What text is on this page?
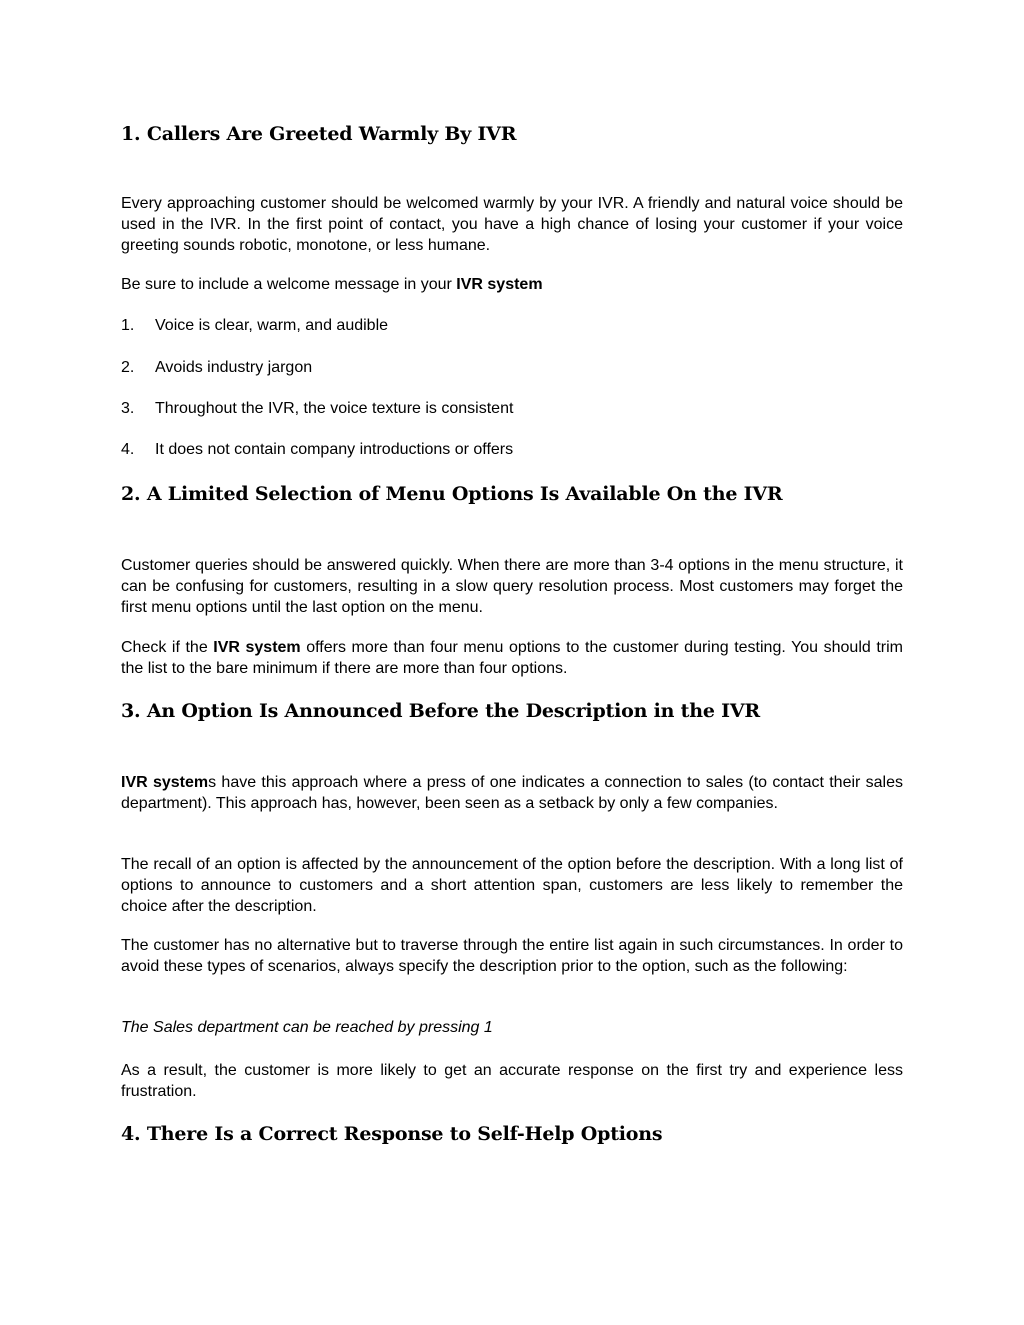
1. Callers Are Greeted Warmly By IVR

Every approaching customer should be welcomed warmly by your IVR. A friendly and natural voice should be used in the IVR. In the first point of contact, you have a high chance of losing your customer if your voice greeting sounds robotic, monotone, or less humane.

Be sure to include a welcome message in your IVR system

1. Voice is clear, warm, and audible
2. Avoids industry jargon
3. Throughout the IVR, the voice texture is consistent
4. It does not contain company introductions or offers
2. A Limited Selection of Menu Options Is Available On the IVR

Customer queries should be answered quickly. When there are more than 3-4 options in the menu structure, it can be confusing for customers, resulting in a slow query resolution process. Most customers may forget the first menu options until the last option on the menu.

Check if the IVR system offers more than four menu options to the customer during testing. You should trim the list to the bare minimum if there are more than four options.

3. An Option Is Announced Before the Description in the IVR

IVR systems have this approach where a press of one indicates a connection to sales (to contact their sales department). This approach has, however, been seen as a setback by only a few companies.

The recall of an option is affected by the announcement of the option before the description. With a long list of options to announce to customers and a short attention span, customers are less likely to remember the choice after the description.

The customer has no alternative but to traverse through the entire list again in such circumstances. In order to avoid these types of scenarios, always specify the description prior to the option, such as the following:

The Sales department can be reached by pressing 1

As a result, the customer is more likely to get an accurate response on the first try and experience less frustration.

4. There Is a Correct Response to Self-Help Options
